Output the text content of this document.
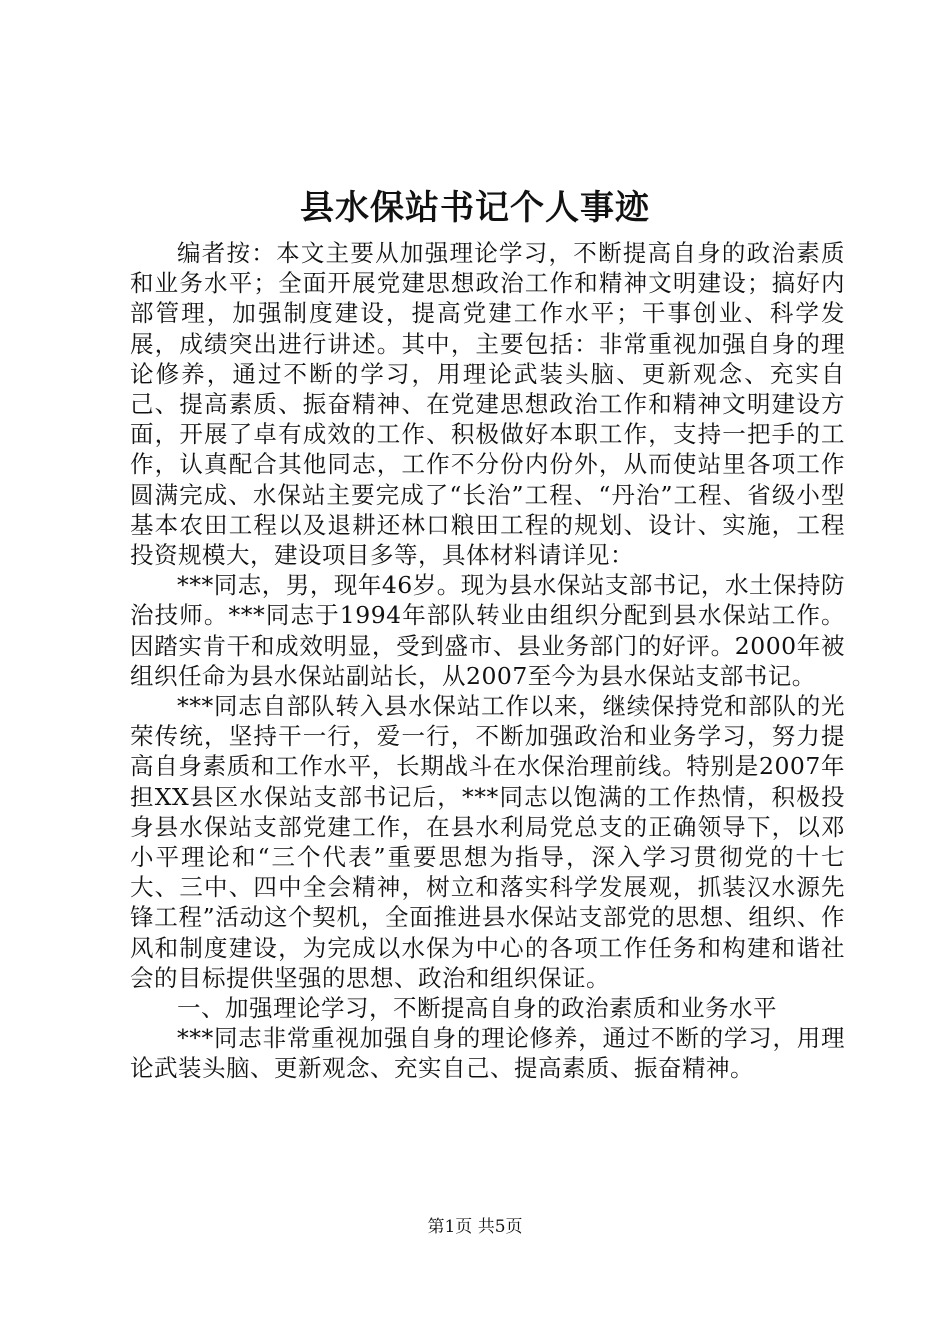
县水保站书记个人事迹

编者按：本文主要从加强理论学习，不断提高自身的政治素质和业务水平；全面开展党建思想政治工作和精神文明建设；搞好内部管理，加强制度建设，提高党建工作水平；干事创业、科学发展，成绩突出进行讲述。其中，主要包括：非常重视加强自身的理论修养，通过不断的学习，用理论武装头脑、更新观念、充实自己、提高素质、振奋精神、在党建思想政治工作和精神文明建设方面，开展了卓有成效的工作、积极做好本职工作，支持一把手的工作，认真配合其他同志，工作不分份内份外，从而使站里各项工作圆满完成、水保站主要完成了“长治”工程、“丹治”工程、省级小型基本农田工程以及退耕还林口粮田工程的规划、设计、实施，工程投资规模大，建设项目多等，具体材料请详见：

***同志，男，现年46岁。现为县水保站支部书记，水土保持防治技师。***同志于1994年部队转业由组织分配到县水保站工作。因踏实肯干和成效明显，受到盛市、县业务部门的好评。2000年被组织任命为县水保站副站长，从2007至今为县水保站支部书记。

***同志自部队转入县水保站工作以来，继续保持党和部队的光荣传统，坚持干一行，爱一行，不断加强政治和业务学习，努力提高自身素质和工作水平，长期战斗在水保治理前线。特别是2007年担XX县区水保站支部书记后，***同志以饱满的工作热情，积极投身县水保站支部党建工作，在县水利局党总支的正确领导下，以邓小平理论和“三个代表”重要思想为指导，深入学习贯彻党的十七大、三中、四中全会精神，树立和落实科学发展观，抓装汉水源先锋工程”活动这个契机，全面推进县水保站支部党的思想、组织、作风和制度建设，为完成以水保为中心的各项工作任务和构建和谐社会的目标提供坚强的思想、政治和组织保证。

一、加强理论学习，不断提高自身的政治素质和业务水平

***同志非常重视加强自身的理论修养，通过不断的学习，用理论武装头脑、更新观念、充实自己、提高素质、振奋精神。

第1页 共5页
